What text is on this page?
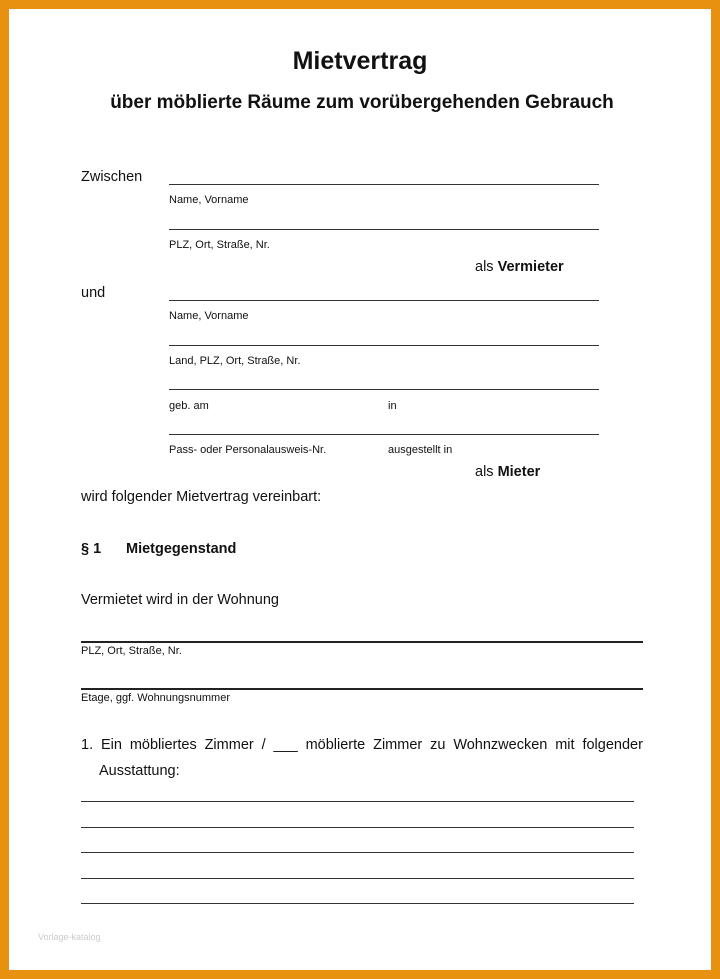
Mietvertrag
über möblierte Räume zum vorübergehenden Gebrauch
Zwischen
Name, Vorname
PLZ, Ort, Straße, Nr.
als Vermieter
und
Name, Vorname
Land, PLZ, Ort, Straße, Nr.
geb. am	in
Pass- oder Personalausweis-Nr.	ausgestellt in
als Mieter
wird folgender Mietvertrag vereinbart:
§ 1 Mietgegenstand
Vermietet wird in der Wohnung
PLZ, Ort, Straße, Nr.
Etage, ggf. Wohnungsnummer
1. Ein möbliertes Zimmer / ___ möblierte Zimmer zu Wohnzwecken mit folgender
Ausstattung:
Vorlage-katalog
